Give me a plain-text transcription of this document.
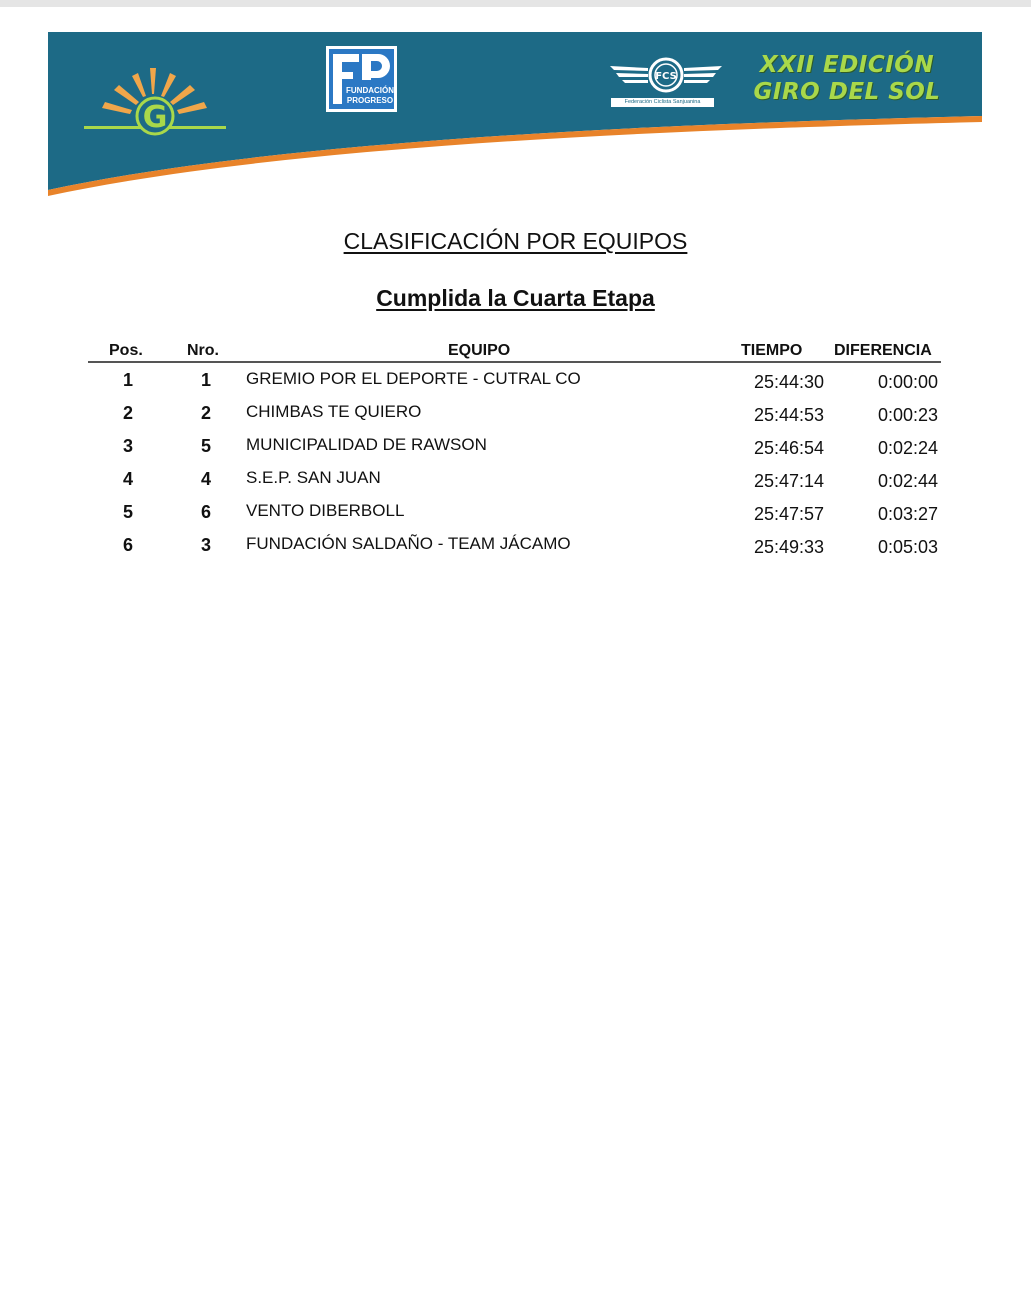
G
FUNDACIÓN PROGRESO
FCS
Federación Ciclista Sanjuanina
XXII EDICIÓN
GIRO DEL SOL
CLASIFICACIÓN POR EQUIPOS
Cumplida la Cuarta Etapa
Pos.	Nro.	EQUIPO	TIEMPO DIFERENCIA
1	1	GREMIO POR EL DEPORTE - CUTRAL CO	25:44:30	0:00:00
2	2	CHIMBAS TE QUIERO	25:44:53	0:00:23
3	5	MUNICIPALIDAD DE RAWSON	25:46:54	0:02:24
4	4	S.E.P. SAN JUAN	25:47:14	0:02:44
5	6	VENTO DIBERBOLL	25:47:57	0:03:27
6	3	FUNDACIÓN SALDAÑO - TEAM JÁCAMO	25:49:33	0:05:03
